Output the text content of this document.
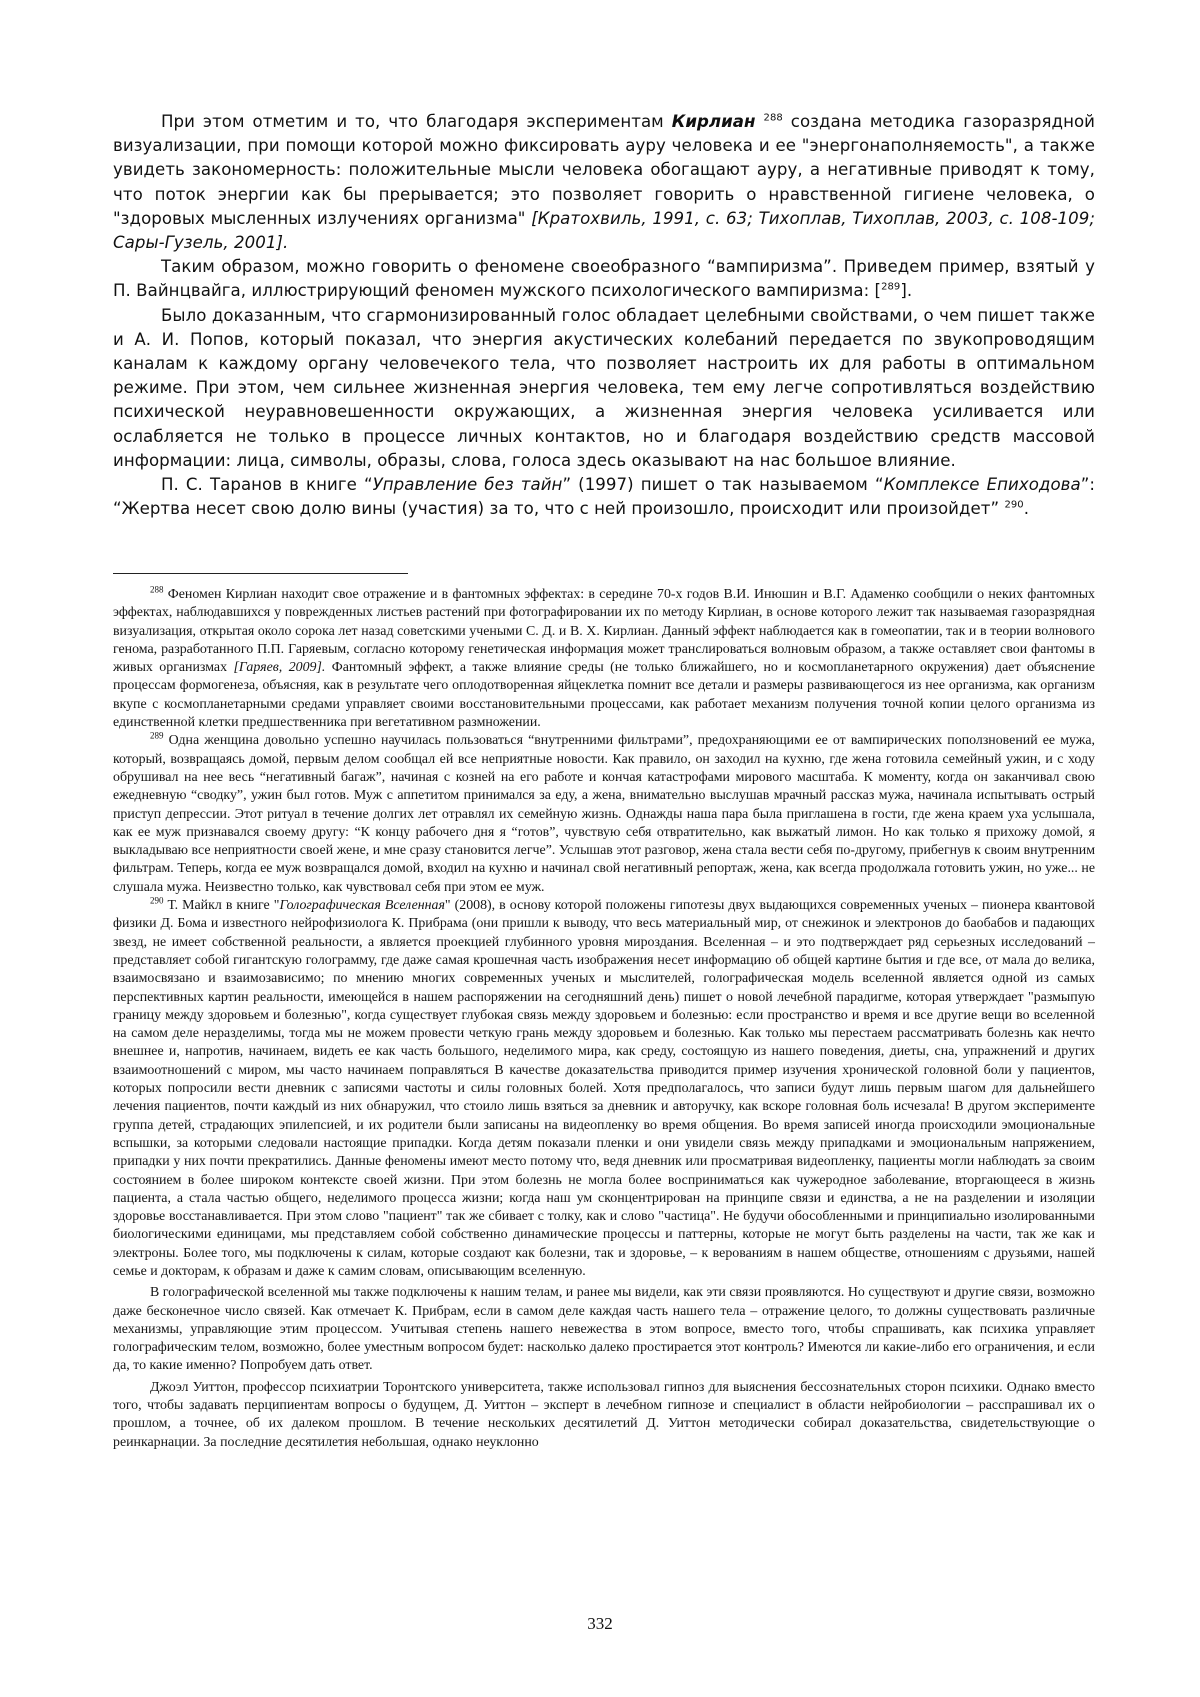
При этом отметим и то, что благодаря экспериментам Кирлиан $^{288}$ создана методика газоразрядной визуализации, при помощи которой можно фиксировать ауру человека и ее "энергонаполняемость", а также увидеть закономерность: положительные мысли человека обогащают ауру, а негативные приводят к тому, что поток энергии как бы прерывается; это позволяет говорить о нравственной гигиене человека, о "здоровых мысленных излучениях организма" [Кратохвиль, 1991, с. 63; Тихоплав, Тихоплав, 2003, с. 108-109; Сары-Гузель, 2001].

Таким образом, можно говорить о феномене своеобразного “вампиризма”. Приведем пример, взятый у П. Вайнцвайга, иллюстрирующий феномен мужского психологического вампиризма: [$^{289}$].

Было доказанным, что сгармонизированный голос обладает целебными свойствами, о чем пишет также и А. И. Попов, который показал, что энергия акустических колебаний передается по звукопроводящим каналам к каждому органу человечекого тела, что позволяет настроить их для работы в оптимальном режиме. При этом, чем сильнее жизненная энергия человека, тем ему легче сопротивляться воздействию психической неуравновешенности окружающих, а жизненная энергия человека усиливается или ослабляется не только в процессе личных контактов, но и благодаря воздействию средств массовой информации: лица, символы, образы, слова, голоса здесь оказывают на нас большое влияние.

П. С. Таранов в книге “Управление без тайн” (1997) пишет о так называемом “Комплексе Епиходова”: “Жертва несет свою долю вины (участия) за то, что с ней произошло, происходит или произойдет” $^{290}$.

$^{288}$ Феномен Кирлиан находит свое отражение и в фантомных эффектах: в середине 70-х годов В.И. Инюшин и В.Г. Адаменко сообщили о неких фантомных эффектах, наблюдавшихся у поврежденных листьев растений при фотографировании их по методу Кирлиан, в основе которого лежит так называемая газоразрядная визуализация, открытая около сорока лет назад советскими учеными С. Д. и В. Х. Кирлиан. Данный эффект наблюдается как в гомеопатии, так и в теории волнового генома, разработанного П.П. Гаряевым, согласно которому генетическая информация может транслироваться волновым образом, а также оставляет свои фантомы в живых организмах [Гаряев, 2009]. Фантомный эффект, а также влияние среды (не только ближайшего, но и космопланетарного окружения) дает объяснение процессам формогенеза, объясняя, как в результате чего оплодотворенная яйцеклетка помнит все детали и размеры развивающегося из нее организма, как организм вкупе с космопланетарными средами управляет своими восстановительными процессами, как работает механизм получения точной копии целого организма из единственной клетки предшественника при вегетативном размножении.

$^{289}$ Одна женщина довольно успешно научилась пользоваться “внутренними фильтрами”, предохраняющими ее от вампирических поползновений ее мужа, который, возвращаясь домой, первым делом сообщал ей все неприятные новости. Как правило, он заходил на кухню, где жена готовила семейный ужин, и с ходу обрушивал на нее весь “негативный багаж”, начиная с козней на его работе и кончая катастрофами мирового масштаба. К моменту, когда он заканчивал свою ежедневную “сводку”, ужин был готов. Муж с аппетитом принимался за еду, а жена, внимательно выслушав мрачный рассказ мужа, начинала испытывать острый приступ депрессии. Этот ритуал в течение долгих лет отравлял их семейную жизнь. Однажды наша пара была приглашена в гости, где жена краем уха услышала, как ее муж признавался своему другу: “К концу рабочего дня я “готов”, чувствую себя отвратительно, как выжатый лимон. Но как только я прихожу домой, я выкладываю все неприятности своей жене, и мне сразу становится легче”. Услышав этот разговор, жена стала вести себя по-другому, прибегнув к своим внутренним фильтрам. Теперь, когда ее муж возвращался домой, входил на кухню и начинал свой негативный репортаж, жена, как всегда продолжала готовить ужин, но уже... не слушала мужа. Неизвестно только, как чувствовал себя при этом ее муж.

$^{290}$ Т. Майкл в книге "Голографическая Вселенная" (2008), в основу которой положены гипотезы двух выдающихся современных ученых – пионера квантовой физики Д. Бома и известного нейрофизиолога К. Прибрама (они пришли к выводу, что весь материальный мир, от снежинок и электронов до баобабов и падающих звезд, не имеет собственной реальности, а является проекцией глубинного уровня мироздания. Вселенная – и это подтверждает ряд серьезных исследований – представляет собой гигантскую голограмму, где даже самая крошечная часть изображения несет информацию об общей картине бытия и где все, от мала до велика, взаимосвязано и взаимозависимо; по мнению многих современных ученых и мыслителей, голографическая модель вселенной является одной из самых перспективных картин реальности, имеющейся в нашем распоряжении на сегодняшний день) пишет о новой лечебной парадигме, которая утверждает "размыпую границу между здоровьем и болезнью", когда существует глубокая связь между здоровьем и болезнью: если пространство и время и все другие вещи во вселенной на самом деле неразделимы, тогда мы не можем провести четкую грань между здоровьем и болезнью. Как только мы перестаем рассматривать болезнь как нечто внешнее и, напротив, начинаем, видеть ее как часть большого, неделимого мира, как среду, состоящую из нашего поведения, диеты, сна, упражнений и других взаимоотношений с миром, мы часто начинаем поправляться В качестве доказательства приводится пример изучения хронической головной боли у пациентов, которых попросили вести дневник с записями частоты и силы головных болей. Хотя предполагалось, что записи будут лишь первым шагом для дальнейшего лечения пациентов, почти каждый из них обнаружил, что стоило лишь взяться за дневник и авторучку, как вскоре головная боль исчезала! В другом эксперименте группа детей, страдающих эпилепсией, и их родители были записаны на видеопленку во время общения. Во время записей иногда происходили эмоциональные вспышки, за которыми следовали настоящие припадки. Когда детям показали пленки и они увидели связь между припадками и эмоциональным напряжением, припадки у них почти прекратились. Данные феномены имеют место потому что, ведя дневник или просматривая видеопленку, пациенты могли наблюдать за своим состоянием в более широком контексте своей жизни. При этом болезнь не могла более восприниматься как чужеродное заболевание, вторгающееся в жизнь пациента, а стала частью общего, неделимого процесса жизни; когда наш ум сконцентрирован на принципе связи и единства, а не на разделении и изоляции здоровье восстанавливается. При этом слово "пациент" так же сбивает с толку, как и слово "частица". Не будучи обособленными и принципиально изолированными биологическими единицами, мы представляем собой собственно динамические процессы и паттерны, которые не могут быть разделены на части, так же как и электроны. Более того, мы подключены к силам, которые создают как болезни, так и здоровье, – к верованиям в нашем обществе, отношениям с друзьями, нашей семье и докторам, к образам и даже к самим словам, описывающим вселенную.

В голографической вселенной мы также подключены к нашим телам, и ранее мы видели, как эти связи проявляются. Но существуют и другие связи, возможно даже бесконечное число связей. Как отмечает К. Прибрам, если в самом деле каждая часть нашего тела – отражение целого, то должны существовать различные механизмы, управляющие этим процессом. Учитывая степень нашего невежества в этом вопросе, вместо того, чтобы спрашивать, как психика управляет голографическим телом, возможно, более уместным вопросом будет: насколько далеко простирается этот контроль? Имеются ли какие-либо его ограничения, и если да, то какие именно? Попробуем дать ответ.

Джоэл Уиттон, профессор психиатрии Торонтского университета, также использовал гипноз для выяснения бессознательных сторон психики. Однако вместо того, чтобы задавать перципиентам вопросы о будущем, Д. Уиттон – эксперт в лечебном гипнозе и специалист в области нейробиологии – расспрашивал их о прошлом, а точнее, об их далеком прошлом. В течение нескольких десятилетий Д. Уиттон методически собирал доказательства, свидетельствующие о реинкарнации. За последние десятилетия небольшая, однако неуклонно

332
